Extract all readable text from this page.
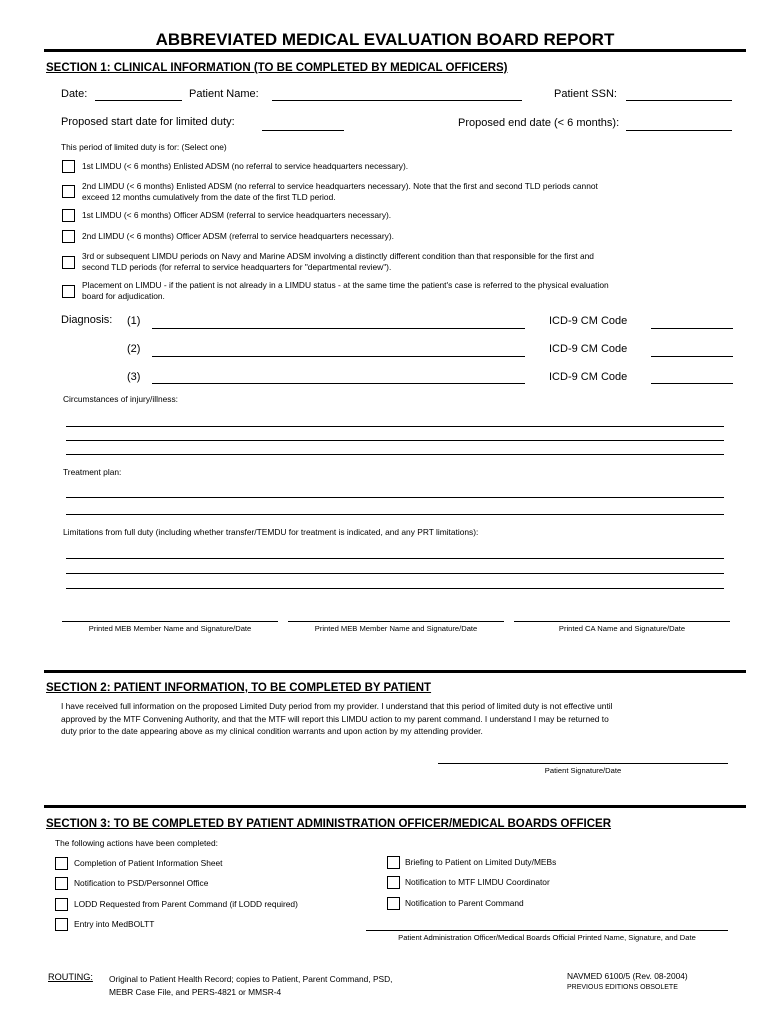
ABBREVIATED MEDICAL EVALUATION BOARD REPORT
SECTION 1: CLINICAL INFORMATION (TO BE COMPLETED BY MEDICAL OFFICERS)
Date:	Patient Name:	Patient SSN:
Proposed start date for limited duty:	Proposed end date (< 6 months):
This period of limited duty is for: (Select one)
1st LIMDU (< 6 months) Enlisted ADSM (no referral to service headquarters necessary).
2nd LIMDU (< 6 months) Enlisted ADSM (no referral to service headquarters necessary). Note that the first and second TLD periods cannot
exceed 12 months cumulatively from the date of the first TLD period.
1st LIMDU (< 6 months) Officer ADSM (referral to service headquarters necessary).
2nd LIMDU (< 6 months) Officer ADSM (referral to service headquarters necessary).
3rd or subsequent LIMDU periods on Navy and Marine ADSM involving a distinctly different condition than that responsible for the first and
second TLD periods (for referral to service headquarters for "departmental review").
Placement on LIMDU - if the patient is not already in a LIMDU status - at the same time the patient's case is referred to the physical evaluation
board for adjudication.
Diagnosis: (1)	ICD-9 CM Code
(2)	ICD-9 CM Code
(3)	ICD-9 CM Code
Circumstances of injury/illness:
Treatment plan:
Limitations from full duty (including whether transfer/TEMDU for treatment is indicated, and any PRT limitations):
Printed MEB Member Name and Signature/Date	Printed MEB Member Name and Signature/Date	Printed CA Name and Signature/Date
SECTION 2: PATIENT INFORMATION, TO BE COMPLETED BY PATIENT
I have received full information on the proposed Limited Duty period from my provider. I understand that this period of limited duty is not effective until
approved by the MTF Convening Authority, and that the MTF will report this LIMDU action to my parent command. I understand I may be returned to
duty prior to the date appearing above as my clinical condition warrants and upon action by my attending provider.
Patient Signature/Date
SECTION 3: TO BE COMPLETED BY PATIENT ADMINISTRATION OFFICER/MEDICAL BOARDS OFFICER
The following actions have been completed:
Completion of Patient Information Sheet
Notification to PSD/Personnel Office
LODD Requested from Parent Command (if LODD required)
Entry into MedBOLTT
Briefing to Patient on Limited Duty/MEBs
Notification to MTF LIMDU Coordinator
Notification to Parent Command
Patient Administration Officer/Medical Boards Official Printed Name, Signature, and Date
ROUTING: Original to Patient Health Record; copies to Patient, Parent Command, PSD,
MEBR Case File, and PERS-4821 or MMSR-4
NAVMED 6100/5 (Rev. 08-2004)
PREVIOUS EDITIONS OBSOLETE
